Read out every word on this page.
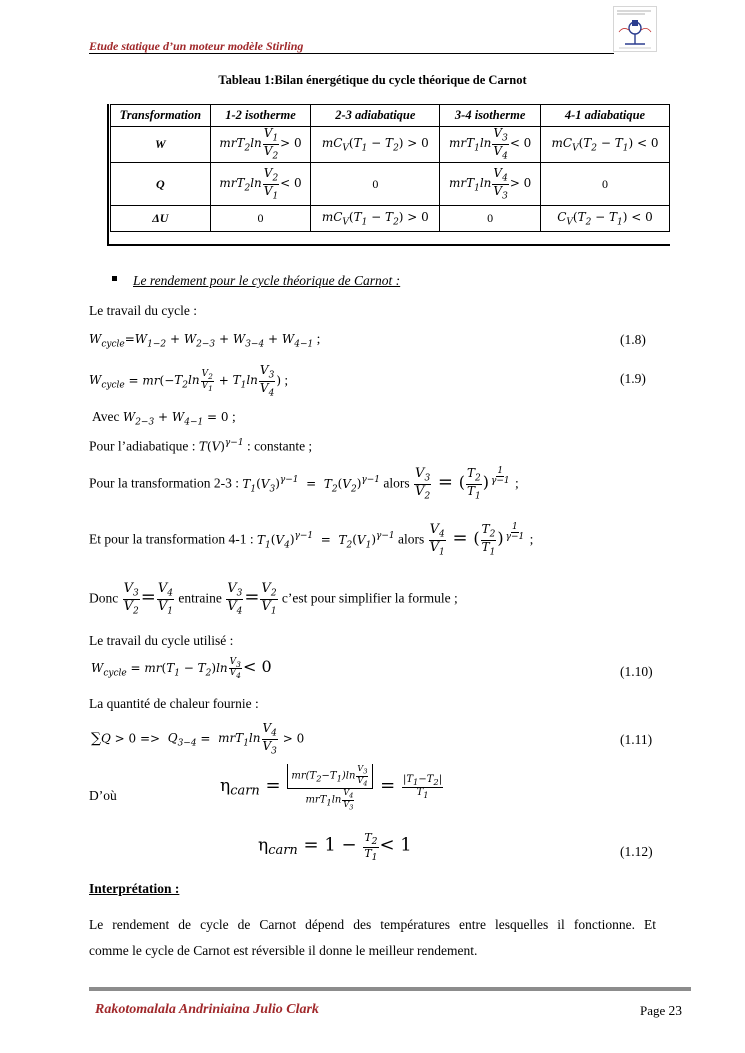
Etude statique d’un moteur modèle Stirling
Tableau 1:Bilan énergétique du cycle théorique de Carnot
Transformation	1-2 isotherme	2-3 adiabatique	3-4 isotherme	4-1 adiabatique
W	$mrT_2\ln \frac{V_1}{V_2} > 0$	$mC_V(T_1 - T_2) > 0$	$mrT_1\ln \frac{V_3}{V_4} < 0$	$mC_V(T_2 - T_1) < 0$
Q	$mrT_2\ln \frac{V_2}{V_1} < 0$	0	$mrT_1\ln \frac{V_4}{V_3} > 0$	0
ΔU	0	$mC_V(T_1 - T_2) > 0$	0	$C_V(T_2 - T_1) < 0$
Le rendement pour le cycle théorique de Carnot :
Le travail du cycle :
$W_{cycle}=W_{1-2} + W_{2-3} + W_{3-4} + W_{4-1}$ ;	(1.8)
$W_{cycle} = mr(-T_2\ln \frac{V_2}{V_1} + T_1\ln \frac{V_3}{V_4}$ ) ;	(1.9)
Avec $W_{2-3} + W_{4-1} = 0$ ;
Pour l’adiabatique : $T(V)^{\gamma-1}$ : constante ;
Pour la transformation 2-3 : $T_1(V_3)^{\gamma-1} = T_2(V_2)^{\gamma-1}$ alors $\frac{V_3}{V_2}$ = ( $\frac{T_2}{T_1}$ ) $^{\frac{1}{\gamma-1}}$ ;
Et pour la transformation 4-1 : $T_1(V_4)^{\gamma-1} = T_2(V_1)^{\gamma-1}$ alors $\frac{V_4}{V_1}$ = ( $\frac{T_2}{T_1}$ ) $^{\frac{1}{\gamma-1}}$ ;
Donc $\frac{V_3}{V_2} = \frac{V_4}{V_1}$ entraine $\frac{V_3}{V_4} = \frac{V_2}{V_1}$ c’est pour simplifier la formule ;
Le travail du cycle utilisé :
$W_{cycle} = mr(T_1 - T_2)\ln \frac{V_3}{V_4} < 0$	(1.10)
La quantité de chaleur fournie :
$\sum Q > 0 => Q_{3-4} = mrT_1\ln \frac{V_4}{V_3} > 0$	(1.11)
D’où	$\eta_{carn} = \frac{mr(T_2-T_1)\ln \frac{V_3}{V_4}}{mrT_1\ln \frac{V_4}{V_3}} = \frac{|T_1-T_2|}{T_1}$
$\eta_{carn} = 1 - \frac{T_2}{T_1} < 1$	(1.12)
Interprétation :
Le rendement de cycle de Carnot dépend des températures entre lesquelles il fonctionne. Et
comme le cycle de Carnot est réversible il donne le meilleur rendement.
Rakotomalala Andriniaina Julio Clark	Page 23
